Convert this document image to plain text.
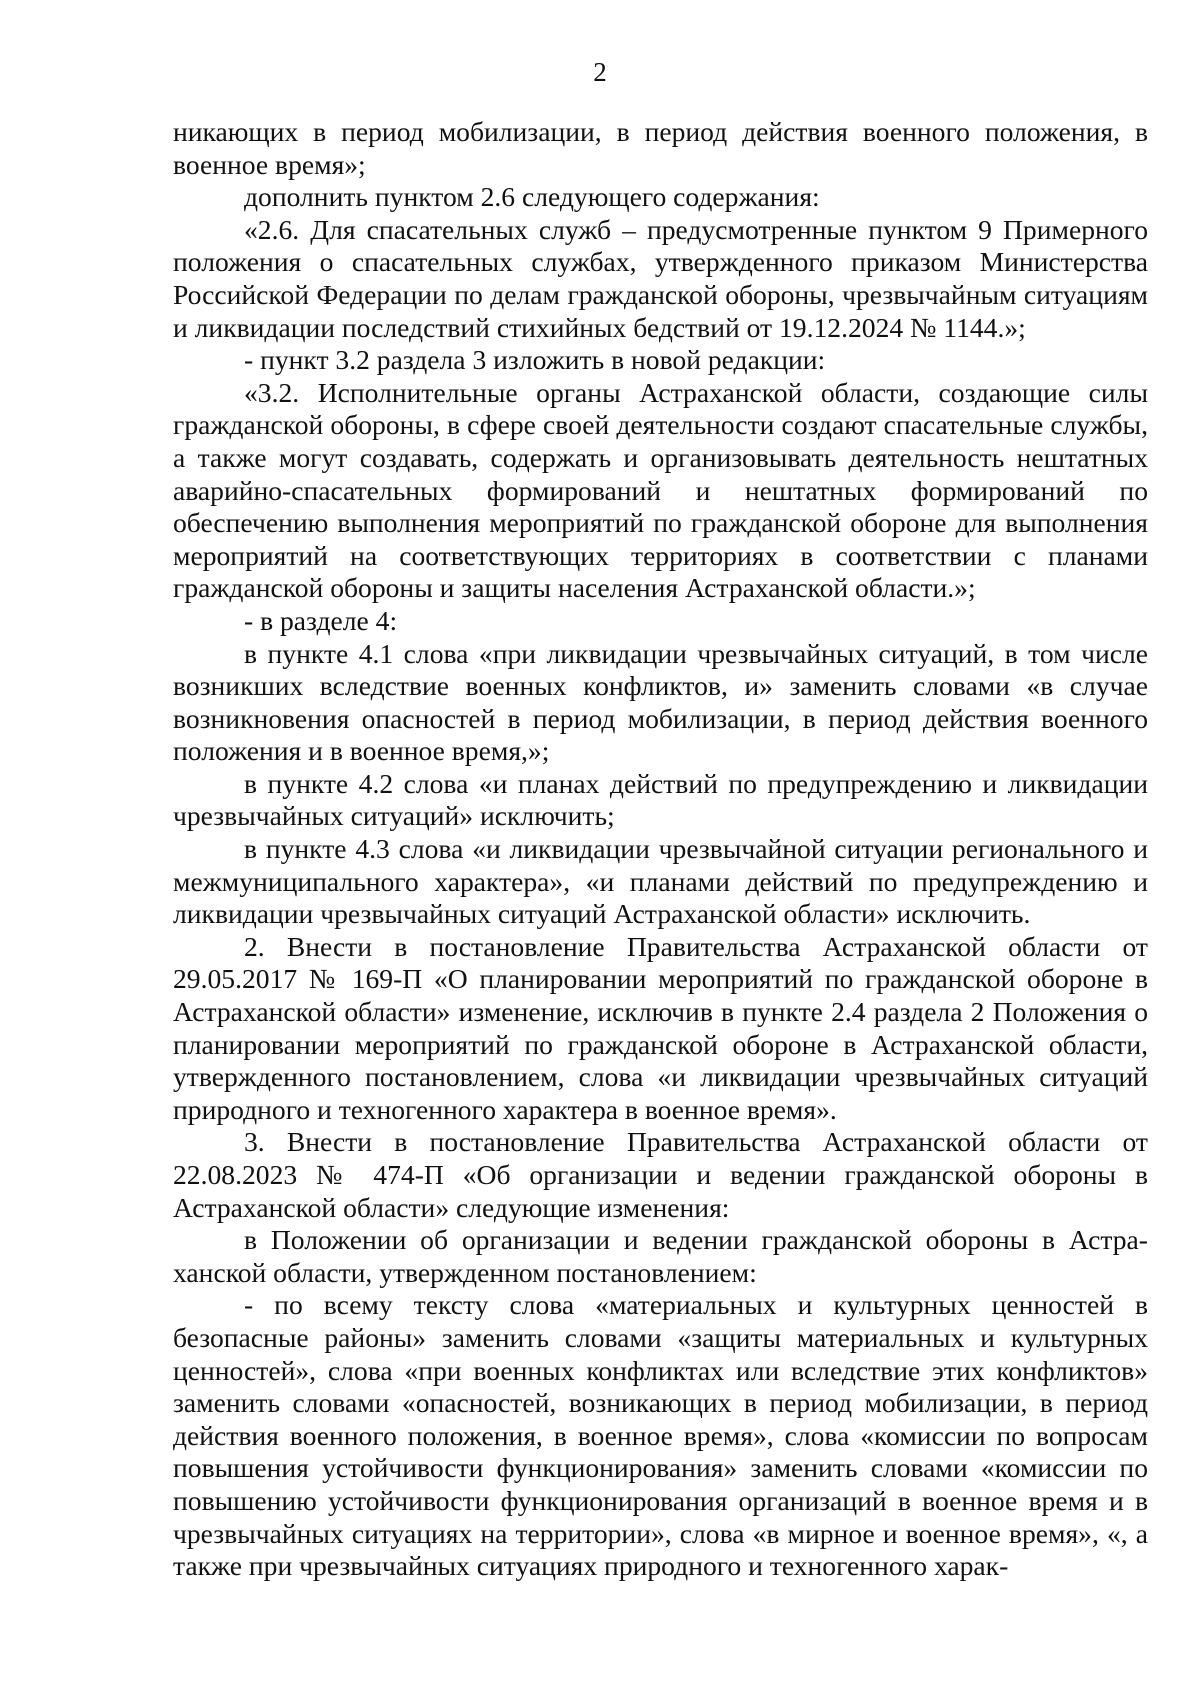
2

никающих в период мобилизации, в период действия военного положения, в военное время»;

дополнить пунктом 2.6 следующего содержания:

«2.6. Для спасательных служб – предусмотренные пунктом 9 Примерного положения о спасательных службах, утвержденного приказом Министерства Российской Федерации по делам гражданской обороны, чрезвычайным ситуациям и ликвидации последствий стихийных бедствий от 19.12.2024 № 1144.»;

- пункт 3.2 раздела 3 изложить в новой редакции:

«3.2. Исполнительные органы Астраханской области, создающие силы гражданской обороны, в сфере своей деятельности создают спасательные службы, а также могут создавать, содержать и организовывать деятельность нештатных аварийно-спасательных формирований и нештатных формирований по обеспечению выполнения мероприятий по гражданской обороне для выполнения мероприятий на соответствующих территориях в соответствии с планами гражданской обороны и защиты населения Астраханской области.»;

- в разделе 4:

в пункте 4.1 слова «при ликвидации чрезвычайных ситуаций, в том числе возникших вследствие военных конфликтов, и» заменить словами «в случае возникновения опасностей в период мобилизации, в период действия военного положения и в военное время,»;

в пункте 4.2 слова «и планах действий по предупреждению и ликвидации чрезвычайных ситуаций» исключить;

в пункте 4.3 слова «и ликвидации чрезвычайной ситуации регионального и межмуниципального характера», «и планами действий по предупреждению и ликвидации чрезвычайных ситуаций Астраханской области» исключить.

2. Внести в постановление Правительства Астраханской области от 29.05.2017 № 169-П «О планировании мероприятий по гражданской обороне в Астраханской области» изменение, исключив в пункте 2.4 раздела 2 Положения о планировании мероприятий по гражданской обороне в Астраханской области, утвержденного постановлением, слова «и ликвидации чрезвычайных ситуаций природного и техногенного характера в военное время».

3. Внести в постановление Правительства Астраханской области от 22.08.2023 № 474-П «Об организации и ведении гражданской обороны в Астраханской области» следующие изменения:

в Положении об организации и ведении гражданской обороны в Астраханской области, утвержденном постановлением:

- по всему тексту слова «материальных и культурных ценностей в безопасные районы» заменить словами «защиты материальных и культурных ценностей», слова «при военных конфликтах или вследствие этих конфликтов» заменить словами «опасностей, возникающих в период мобилизации, в период действия военного положения, в военное время», слова «комиссии по вопросам повышения устойчивости функционирования» заменить словами «комиссии по повышению устойчивости функционирования организаций в военное время и в чрезвычайных ситуациях на территории», слова «в мирное и военное время», «, а также при чрезвычайных ситуациях природного и техногенного харак-
